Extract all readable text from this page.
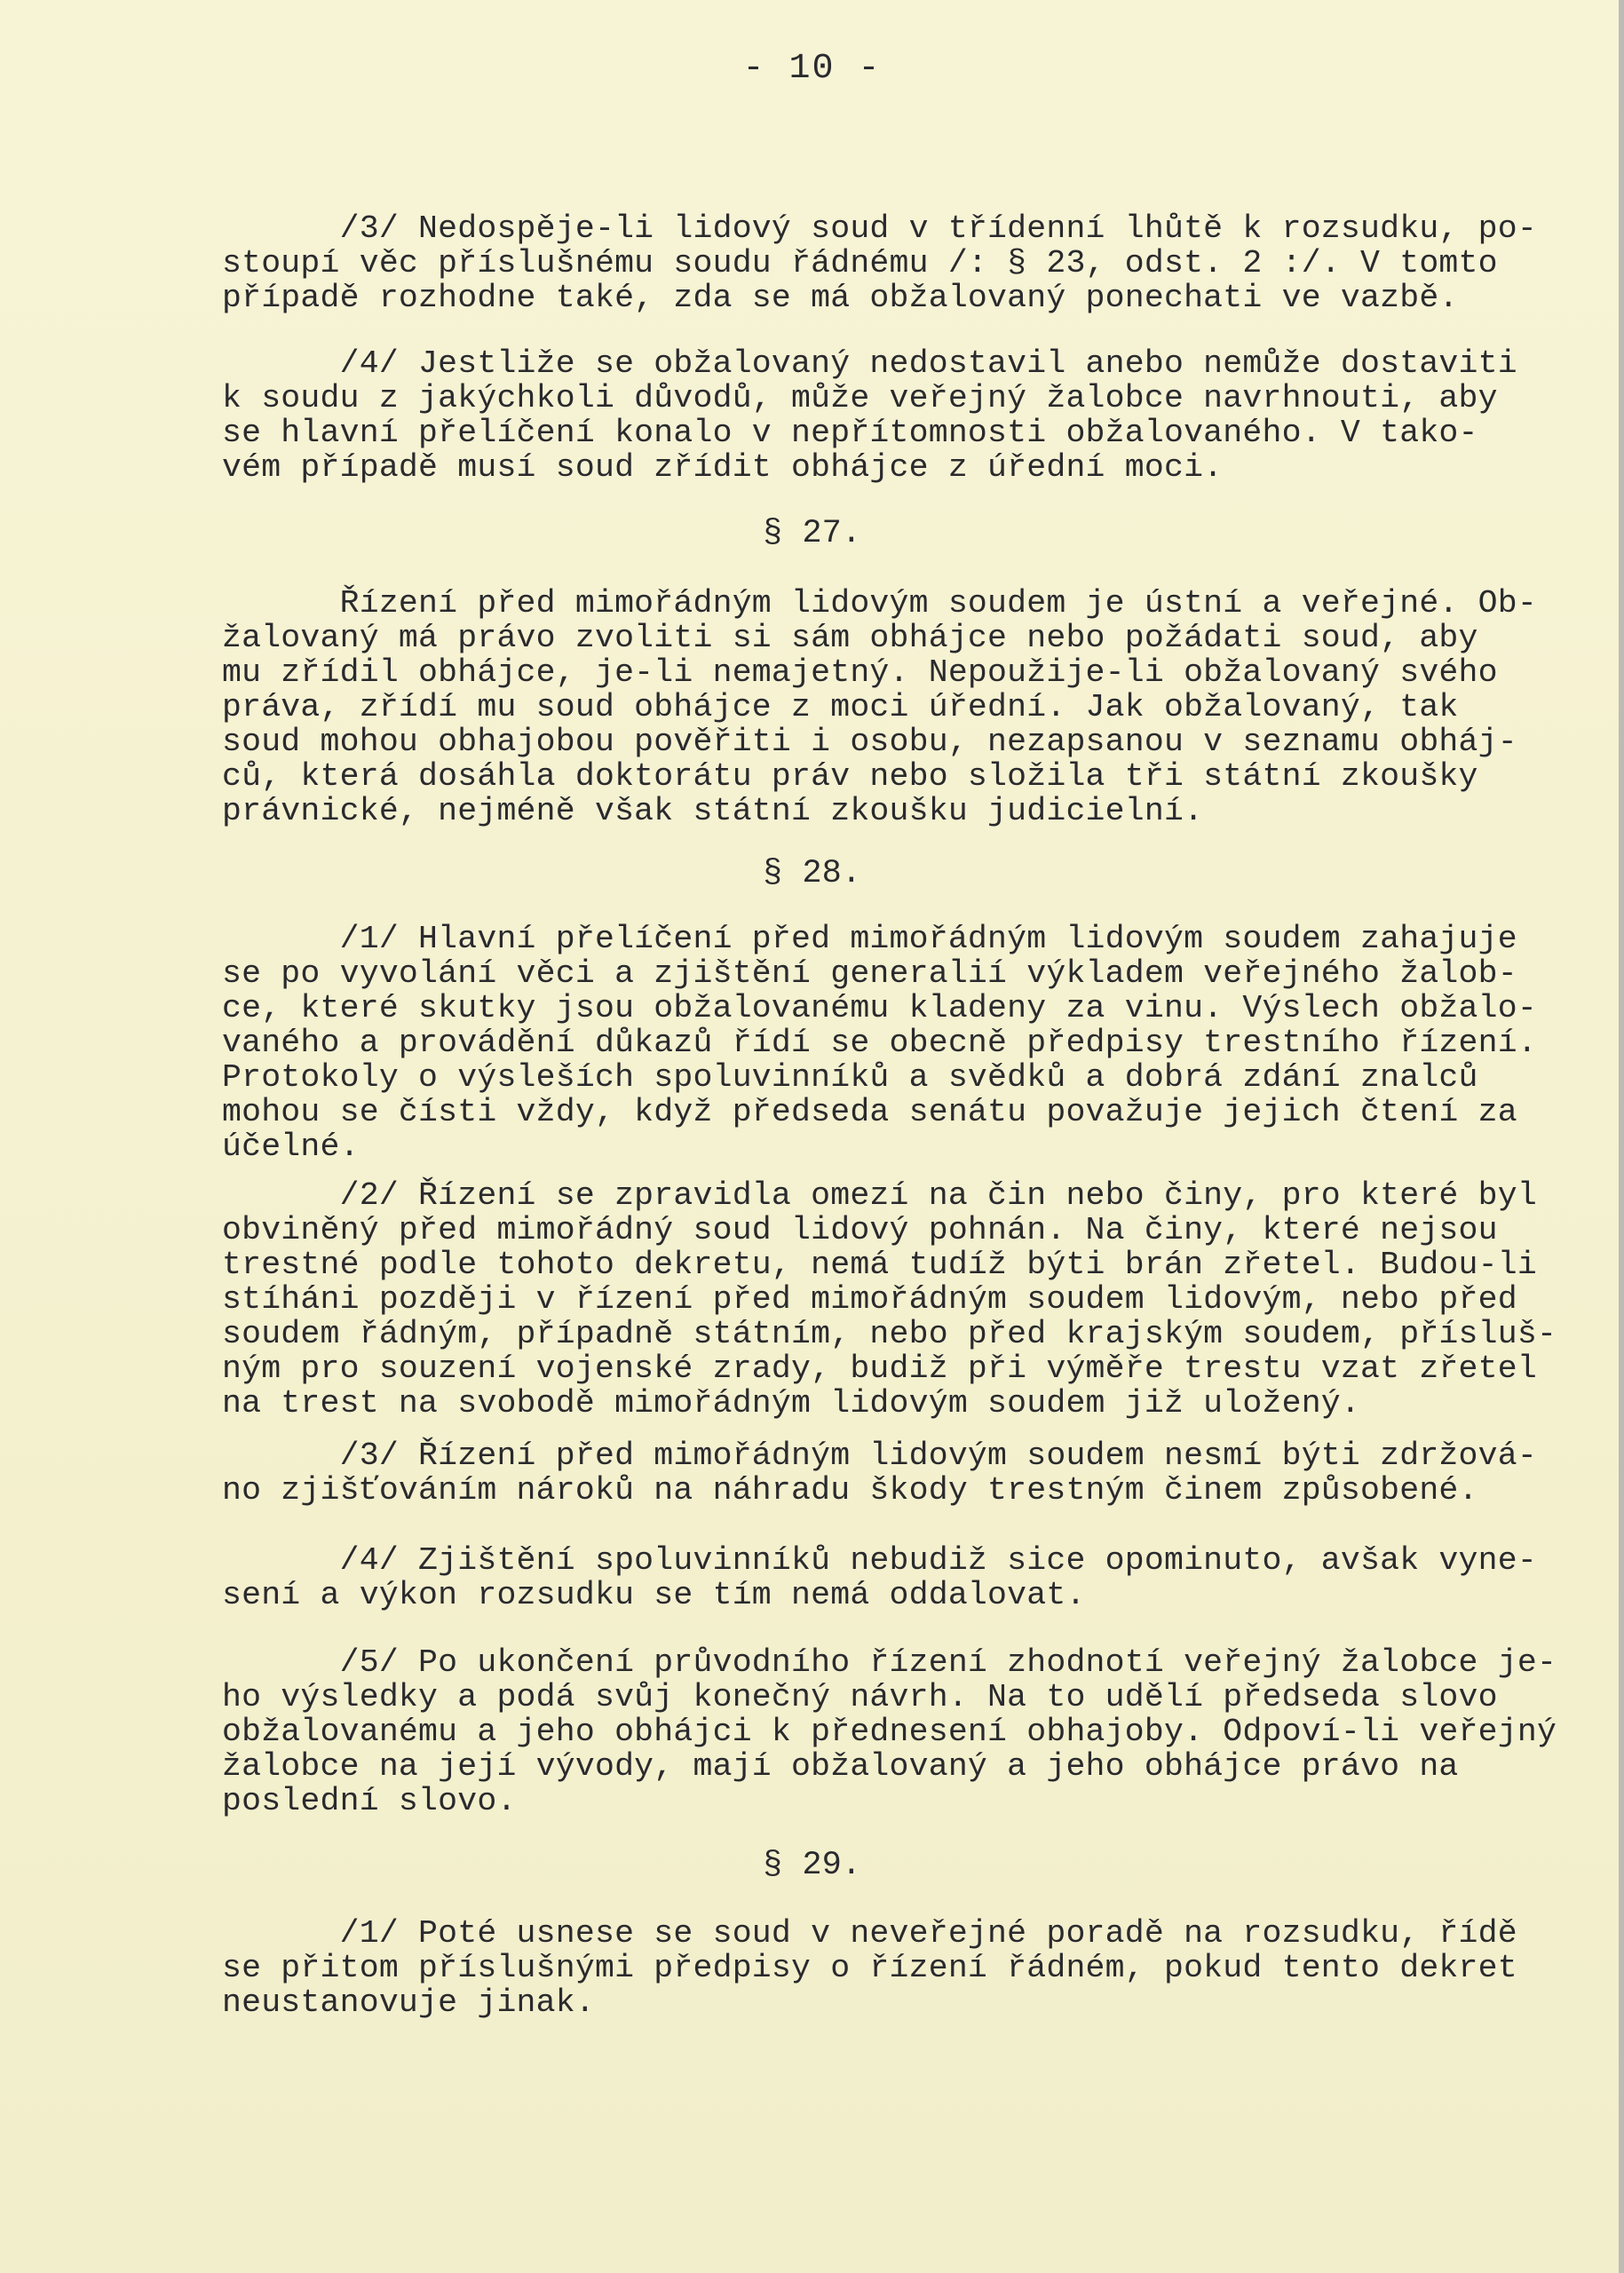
- 10 -
/3/ Nedospěje-li lidový soud v třídenní lhůtě k rozsudku, po-
stoupí věc příslušnému soudu řádnému /: § 23, odst. 2 :/. V tomto
případě rozhodne také, zda se má obžalovaný ponechati ve vazbě.
/4/ Jestliže se obžalovaný nedostavil anebo nemůže dostaviti
k soudu z jakýchkoli důvodů, může veřejný žalobce navrhnouti, aby
se hlavní přelíčení konalo v nepřítomnosti obžalovaného. V tako-
vém případě musí soud zřídit obhájce z úřední moci.
§ 27.
Řízení před mimořádným lidovým soudem je ústní a veřejné. Ob-
žalovaný má právo zvoliti si sám obhájce nebo požádati soud, aby
mu zřídil obhájce, je-li nemajetný. Nepoužije-li obžalovaný svého
práva, zřídí mu soud obhájce z moci úřední. Jak obžalovaný, tak
soud mohou obhajobou pověřiti i osobu, nezapsanou v seznamu obháj-
ců, která dosáhla doktorátu práv nebo složila tři státní zkoušky
právnické, nejméně však státní zkoušku judicielní.
§ 28.
/1/ Hlavní přelíčení před mimořádným lidovým soudem zahajuje
se po vyvolání věci a zjištění generalií výkladem veřejného žalob-
ce, které skutky jsou obžalovanému kladeny za vinu. Výslech obžalo-
vaného a provádění důkazů řídí se obecně předpisy trestního řízení.
Protokoly o výsleších spoluvinníků a svědků a dobrá zdání znalců
mohou se čísti vždy, když předseda senátu považuje jejich čtení za
účelné.
/2/ Řízení se zpravidla omezí na čin nebo činy, pro které byl
obviněný před mimořádný soud lidový pohnán. Na činy, které nejsou
trestné podle tohoto dekretu, nemá tudíž býti brán zřetel. Budou-li
stíháni později v řízení před mimořádným soudem lidovým, nebo před
soudem řádným, případně státním, nebo před krajským soudem, přísluš-
ným pro souzení vojenské zrady, budiž při výměře trestu vzat zřetel
na trest na svobodě mimořádným lidovým soudem již uložený.
/3/ Řízení před mimořádným lidovým soudem nesmí býti zdržová-
no zjišťováním nároků na náhradu škody trestným činem způsobené.
/4/ Zjištění spoluvinníků nebudiž sice opominuto, avšak vyne-
sení a výkon rozsudku se tím nemá oddalovat.
/5/ Po ukončení průvodního řízení zhodnotí veřejný žalobce
ho výsledky a podá svůj konečný návrh. Na to udělí předseda slovo
obžalovanému a jeho obhájci k přednesení obhajoby. Odpoví-li veřejný
žalobce na její vývody, mají obžalovaný a jeho obhájce právo na
poslední slovo.
§ 29.
/1/ Poté usnese se soud v neveřejné poradě na rozsudku, řídě
se přitom příslušnými předpisy o řízení řádném, pokud tento dekret
neustanovuje jinak.
